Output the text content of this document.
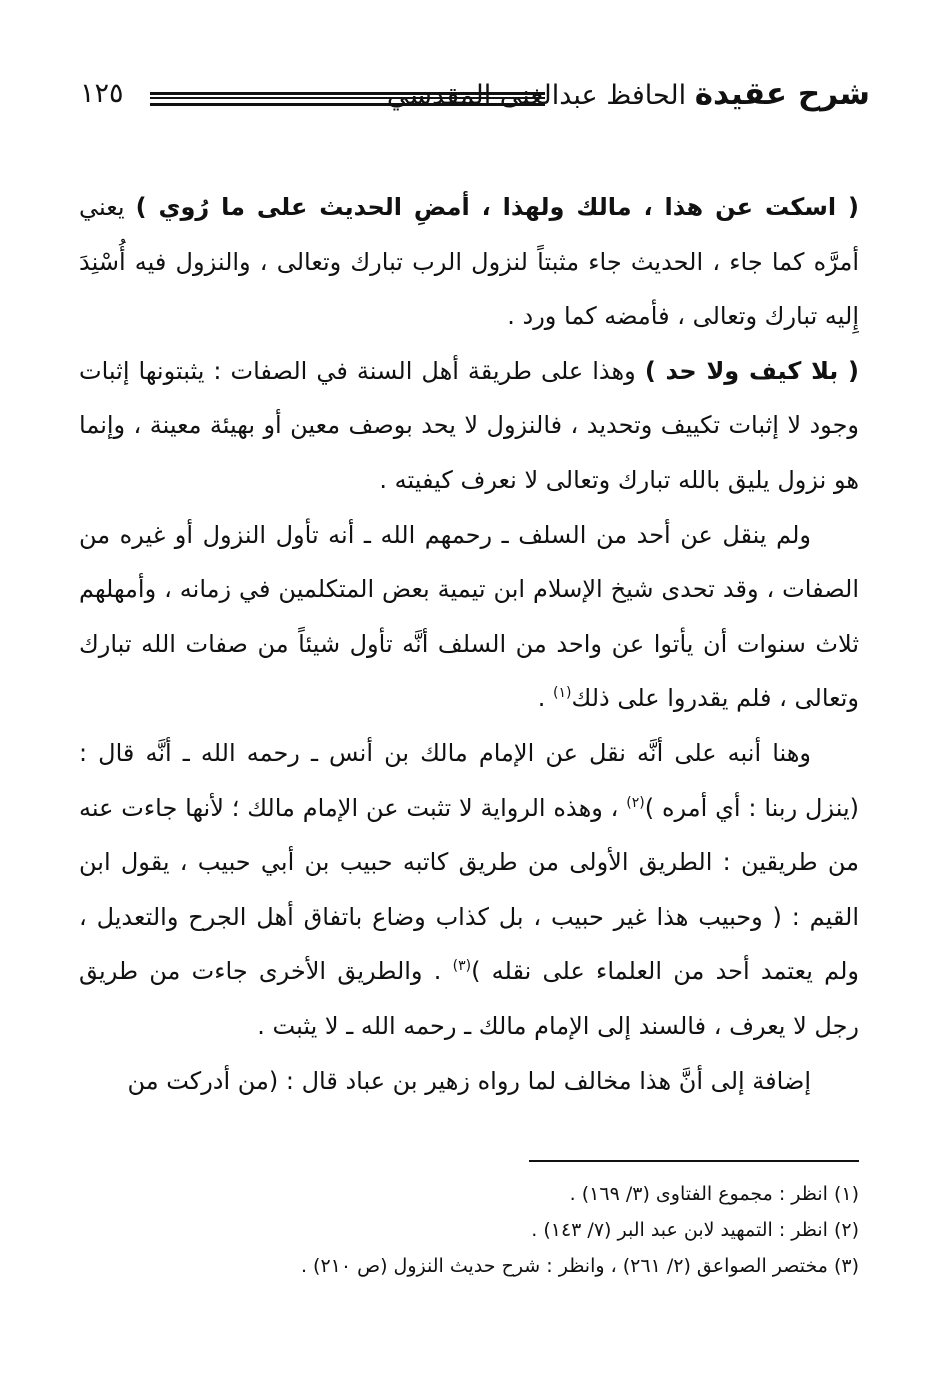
شرح عقيدة الحافظ عبدالغنى المقدسي
١٢٥

( اسكت عن هذا ، مالك ولهذا ، أمضِ الحديث على ما رُوي ) يعني أمرَّه كما جاء ، الحديث جاء مثبتاً لنزول الرب تبارك وتعالى ، والنزول فيه أُسْنِدَ إِليه تبارك وتعالى ، فأمضه كما ورد .

( بلا كيف ولا حد ) وهذا على طريقة أهل السنة في الصفات : يثبتونها إثبات وجود لا إثبات تكييف وتحديد ، فالنزول لا يحد بوصف معين أو بهيئة معينة ، وإنما هو نزول يليق بالله تبارك وتعالى لا نعرف كيفيته .

ولم ينقل عن أحد من السلف ـ رحمهم الله ـ أنه تأول النزول أو غيره من الصفات ، وقد تحدى شيخ الإسلام ابن تيمية بعض المتكلمين في زمانه ، وأمهلهم ثلاث سنوات أن يأتوا عن واحد من السلف أنَّه تأول شيئاً من صفات الله تبارك وتعالى ، فلم يقدروا على ذلك$^{(١)}$ .

وهنا أنبه على أنَّه نقل عن الإمام مالك بن أنس ـ رحمه الله ـ أنَّه قال : (ينزل ربنا : أي أمره )$^{(٢)}$ ، وهذه الرواية لا تثبت عن الإمام مالك ؛ لأنها جاءت عنه من طريقين : الطريق الأولى من طريق كاتبه حبيب بن أبي حبيب ، يقول ابن القيم : ( وحبيب هذا غير حبيب ، بل كذاب وضاع باتفاق أهل الجرح والتعديل ، ولم يعتمد أحد من العلماء على نقله )$^{(٣)}$ . والطريق الأخرى جاءت من طريق رجل لا يعرف ، فالسند إلى الإمام مالك ـ رحمه الله ـ لا يثبت .

إضافة إلى أنَّ هذا مخالف لما رواه زهير بن عباد قال : (من أدركت من

(١) انظر : مجموع الفتاوى (٣/ ١٦٩) .

(٢) انظر : التمهيد لابن عبد البر (٧/ ١٤٣) .

(٣) مختصر الصواعق (٢/ ٢٦١) ، وانظر : شرح حديث النزول (ص ٢١٠) .
